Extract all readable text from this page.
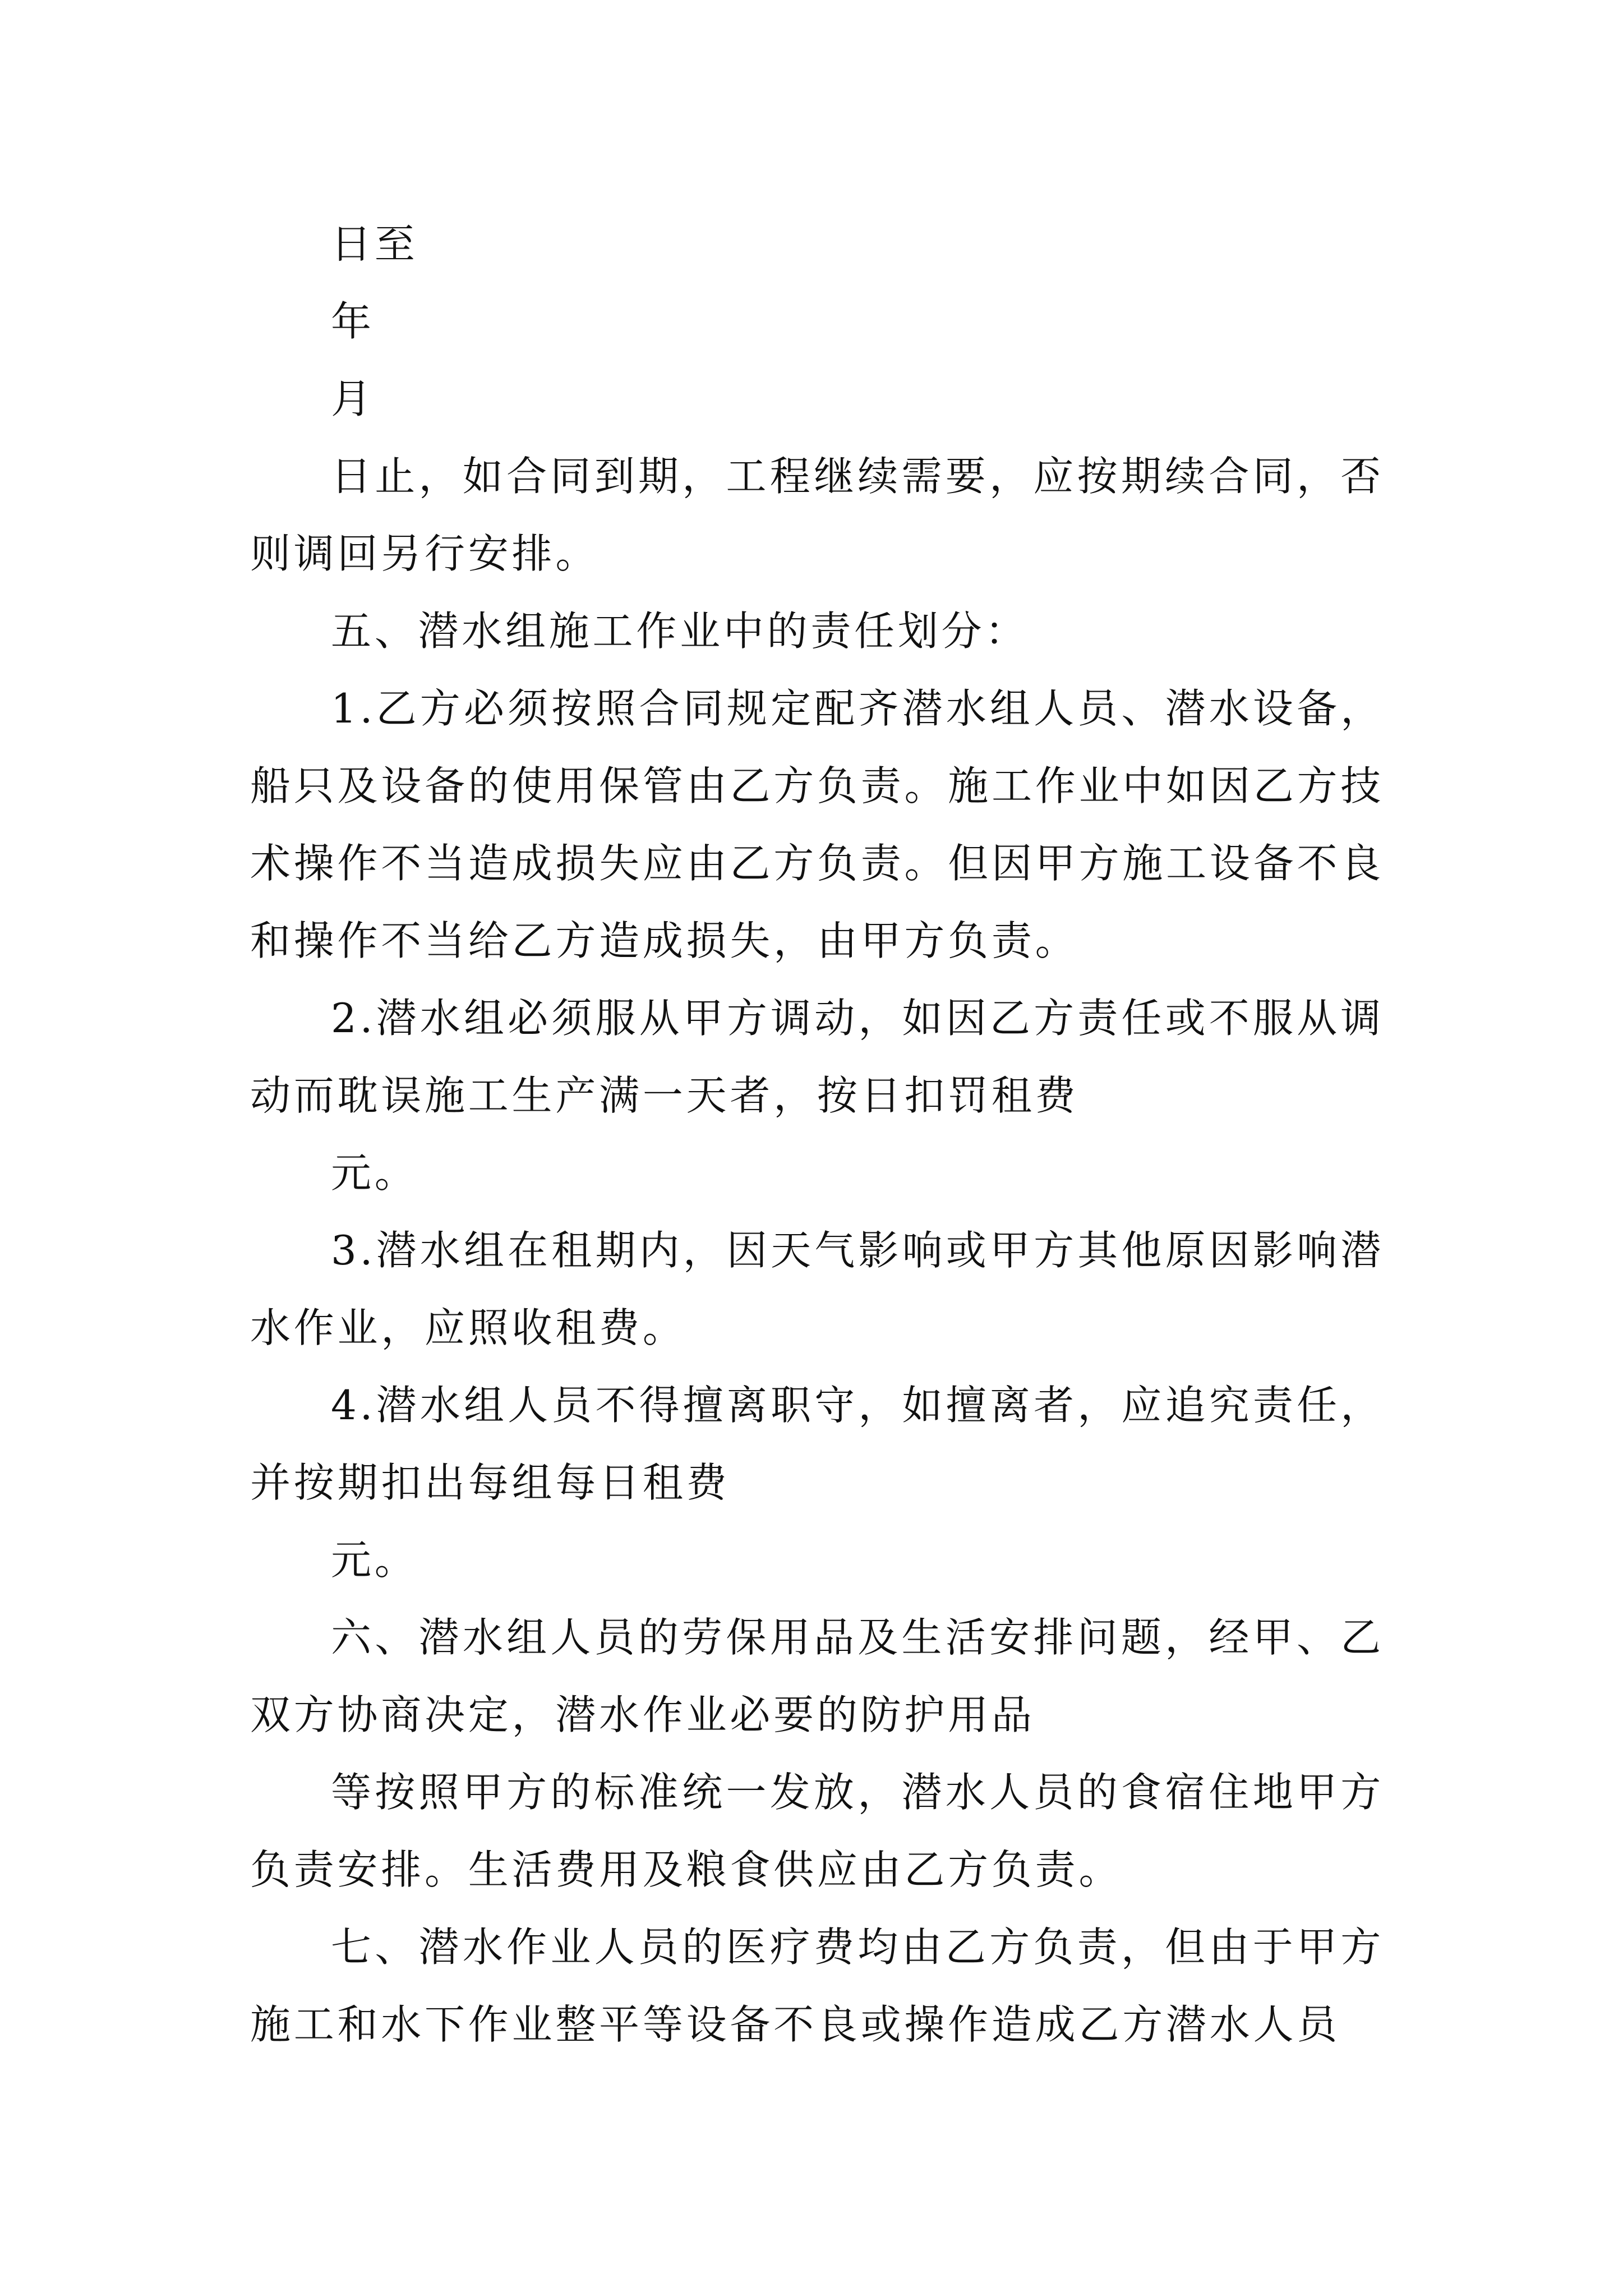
日至

年

月

日止，如合同到期，工程继续需要，应按期续合同，否则调回另行安排。

五、潜水组施工作业中的责任划分：

1.乙方必须按照合同规定配齐潜水组人员、潜水设备，船只及设备的使用保管由乙方负责。施工作业中如因乙方技术操作不当造成损失应由乙方负责。但因甲方施工设备不良和操作不当给乙方造成损失，由甲方负责。

2.潜水组必须服从甲方调动，如因乙方责任或不服从调动而耽误施工生产满一天者，按日扣罚租费

元。

3.潜水组在租期内，因天气影响或甲方其他原因影响潜水作业，应照收租费。

4.潜水组人员不得擅离职守，如擅离者，应追究责任，并按期扣出每组每日租费

元。

六、潜水组人员的劳保用品及生活安排问题，经甲、乙双方协商决定，潜水作业必要的防护用品

等按照甲方的标准统一发放，潜水人员的食宿住地甲方负责安排。生活费用及粮食供应由乙方负责。

七、潜水作业人员的医疗费均由乙方负责，但由于甲方施工和水下作业整平等设备不良或操作造成乙方潜水人员
